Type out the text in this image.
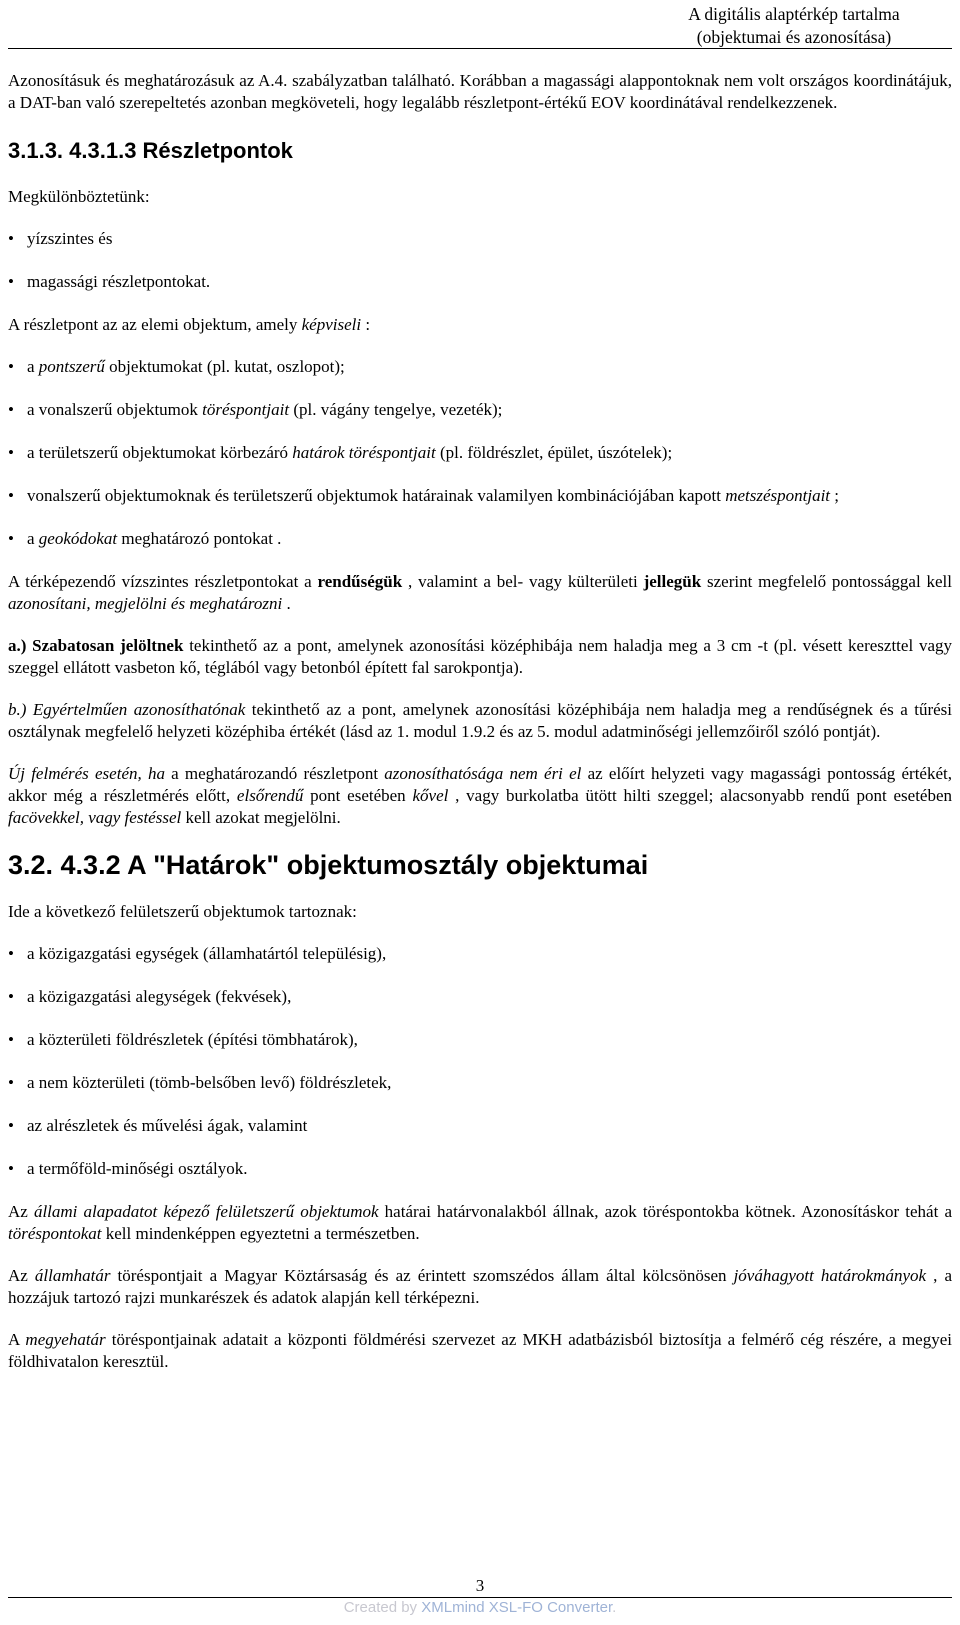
A digitális alaptérkép tartalma
(objektumai és azonosítása)

Azonosításuk és meghatározásuk az A.4. szabályzatban található. Korábban a magassági alappontoknak nem volt országos koordinátájuk, a DAT-ban való szerepeltetés azonban megköveteli, hogy legalább részletpont-értékű EOV koordinátával rendelkezzenek.

3.1.3. 4.3.1.3 Részletpontok

Megkülönböztetünk:

• yízszintes és
• magassági részletpontokat.

A részletpont az az elemi objektum, amely képviseli :

• a pontszerű objektumokat (pl. kutat, oszlopot);
• a vonalszerű objektumok töréspontjait (pl. vágány tengelye, vezeték);
• a területszerű objektumokat körbezáró határok töréspontjait (pl. földrészlet, épület, úszótelek);
• vonalszerű objektumoknak és területszerű objektumok határainak valamilyen kombinációjában kapott metszéspontjait ;
• a geokódokat meghatározó pontokat .

A térképezendő vízszintes részletpontokat a rendűségük , valamint a bel- vagy külterületi jellegük szerint megfelelő pontossággal kell azonosítani, megjelölni és meghatározni .

a.) Szabatosan jelöltnek tekinthető az a pont, amelynek azonosítási középhibája nem haladja meg a 3 cm -t (pl. vésett kereszttel vagy szeggel ellátott vasbeton kő, téglából vagy betonból épített fal sarokpontja).

b.) Egyértelműen azonosíthatónak tekinthető az a pont, amelynek azonosítási középhibája nem haladja meg a rendűségnek és a tűrési osztálynak megfelelő helyzeti középhiba értékét (lásd az 1. modul 1.9.2 és az 5. modul adatminőségi jellemzőiről szóló pontját).

Új felmérés esetén, ha a meghatározandó részletpont azonosíthatósága nem éri el az előírt helyzeti vagy magassági pontosság értékét, akkor még a részletmérés előtt, elsőrendű pont esetében kővel , vagy burkolatba ütött hilti szeggel; alacsonyabb rendű pont esetében facövekkel, vagy festéssel kell azokat megjelölni.

3.2. 4.3.2 A "Határok" objektumosztály objektumai

Ide a következő felületszerű objektumok tartoznak:

• a közigazgatási egységek (államhatártól településig),
• a közigazgatási alegységek (fekvések),
• a közterületi földrészletek (építési tömbhatárok),
• a nem közterületi (tömb-belsőben levő) földrészletek,
• az alrészletek és művelési ágak, valamint
• a termőföld-minőségi osztályok.

Az állami alapadatot képező felületszerű objektumok határai határvonalakból állnak, azok töréspontokba kötnek. Azonosításkor tehát a töréspontokat kell mindenképpen egyeztetni a természetben.

Az államhatár töréspontjait a Magyar Köztársaság és az érintett szomszédos állam által kölcsönösen jóváhagyott határokmányok , a hozzájuk tartozó rajzi munkarészek és adatok alapján kell térképezni.

A megyehatár töréspontjainak adatait a központi földmérési szervezet az MKH adatbázisból biztosítja a felmérő cég részére, a megyei földhivatalon keresztül.

3
Created by XMLmind XSL-FO Converter.
